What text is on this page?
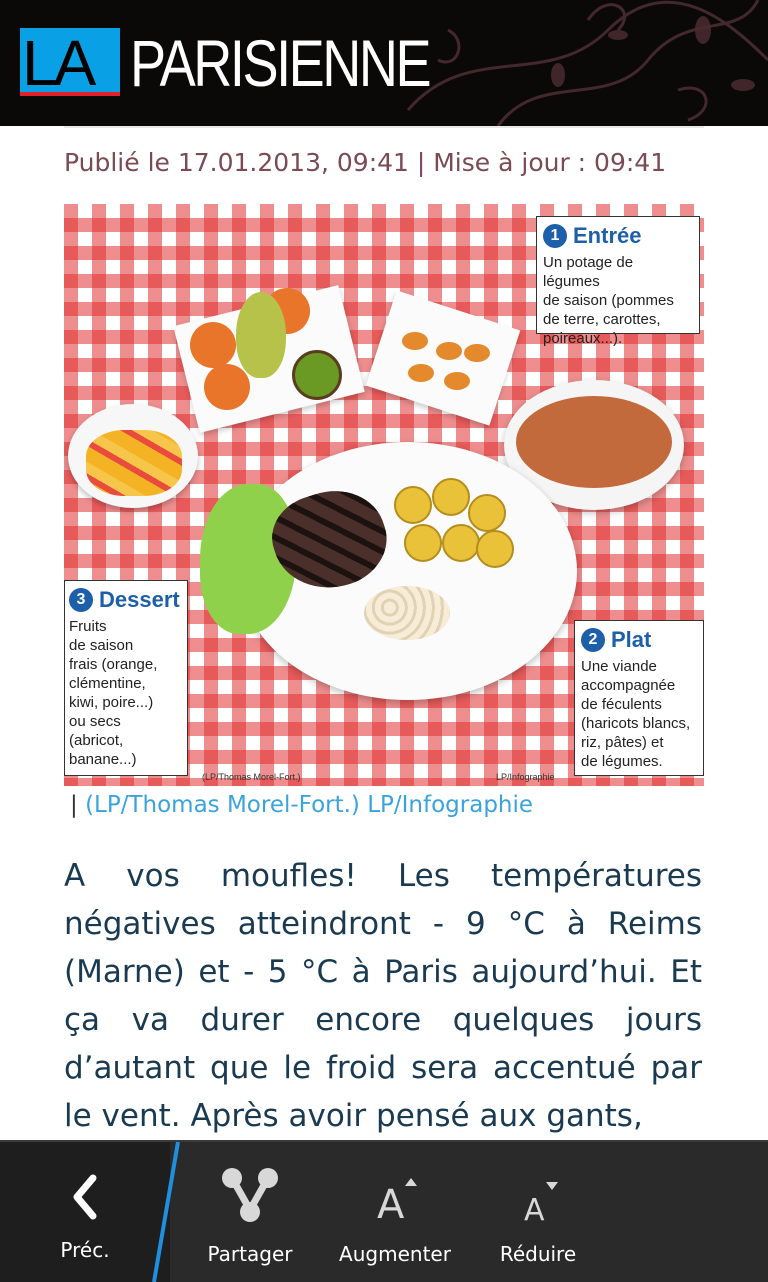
LA PARISIENNE
Publié le 17.01.2013, 09:41 | Mise à jour : 09:41
1 Entrée
Un potage de légumes
de saison (pommes
de terre, carottes,
poireaux...).
3 Dessert
Fruits
de saison
frais (orange,
clémentine,
kiwi, poire...)
ou secs
(abricot,
banane...)
2 Plat
Une viande
accompagnée
de féculents
(haricots blancs,
riz, pâtes) et
de légumes.
(LP/Thomas Morel-Fort.)	LP/Infographie
| (LP/Thomas Morel-Fort.) LP/Infographie
A vos moufles! Les températures négatives atteindront - 9 °C à Reims (Marne) et - 5 °C à Paris aujourd’hui. Et ça va durer encore quelques jours d’autant que le froid sera accentué par le vent. Après avoir pensé aux gants,
Préc.	Partager
A
Augmenter
A
Réduire
